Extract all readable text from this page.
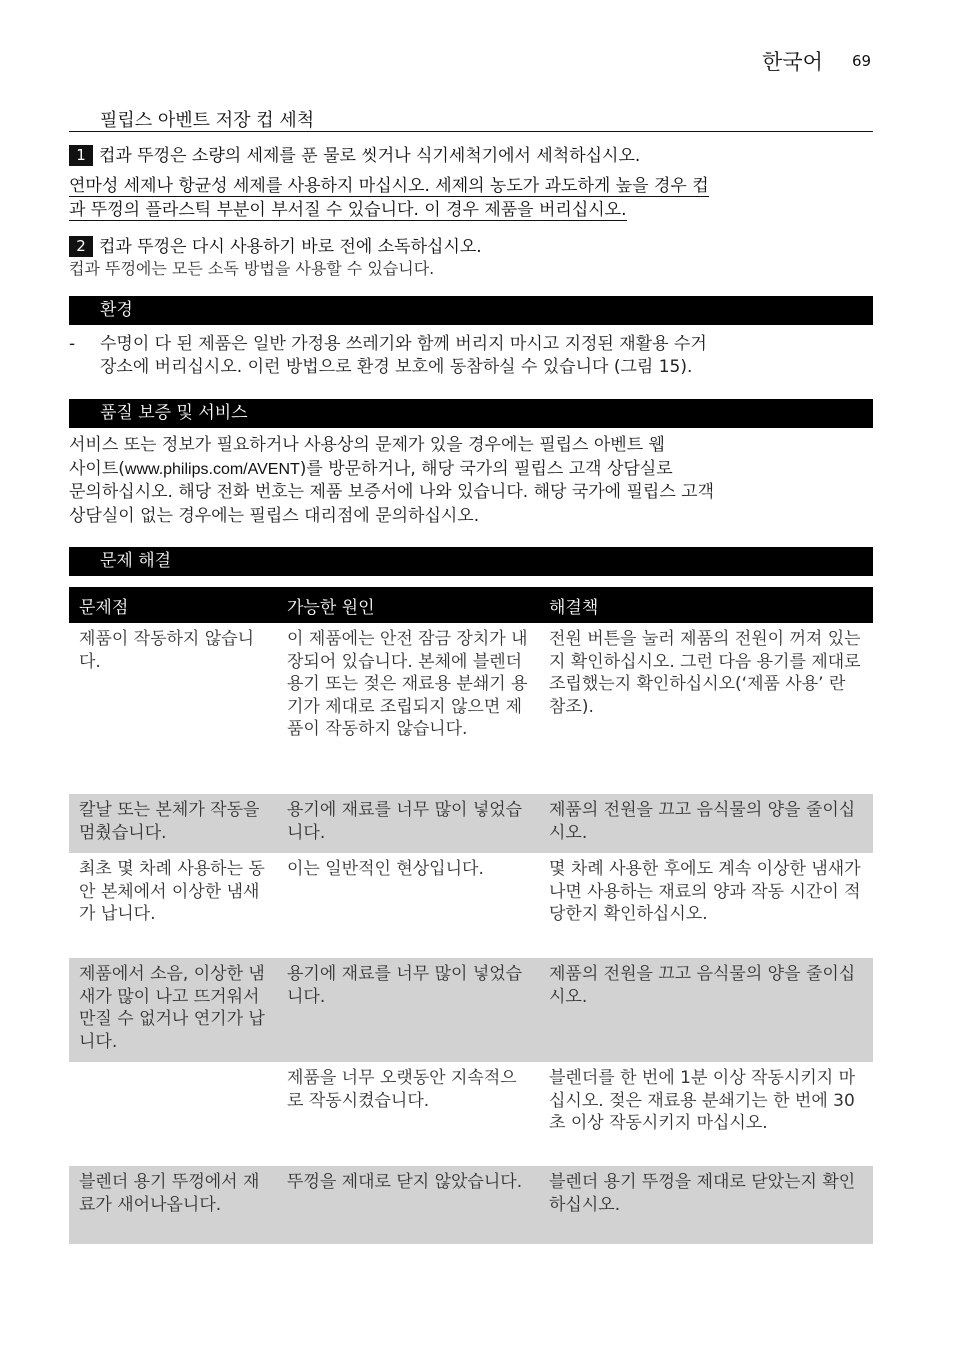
한국어 69
필립스 아벤트 저장 컵 세척
1 컵과 뚜껑은 소량의 세제를 푼 물로 씻거나 식기세척기에서 세척하십시오.
연마성 세제나 항균성 세제를 사용하지 마십시오. 세제의 농도가 과도하게 높을 경우 컵
과 뚜껑의 플라스틱 부분이 부서질 수 있습니다. 이 경우 제품을 버리십시오.
2 컵과 뚜껑은 다시 사용하기 바로 전에 소독하십시오.
컵과 뚜껑에는 모든 소독 방법을 사용할 수 있습니다.
환경
- 수명이 다 된 제품은 일반 가정용 쓰레기와 함께 버리지 마시고 지정된 재활용 수거
장소에 버리십시오. 이런 방법으로 환경 보호에 동참하실 수 있습니다 (그림 15).
품질 보증 및 서비스
서비스 또는 정보가 필요하거나 사용상의 문제가 있을 경우에는 필립스 아벤트 웹
사이트(www.philips.com/AVENT)를 방문하거나, 해당 국가의 필립스 고객 상담실로
문의하십시오. 해당 전화 번호는 제품 보증서에 나와 있습니다. 해당 국가에 필립스 고객
상담실이 없는 경우에는 필립스 대리점에 문의하십시오.
문제 해결
문제점	가능한 원인	해결책
제품이 작동하지 않습니다.	이 제품에는 안전 잠금 장치가 내장되어 있습니다. 본체에 블렌더 용기 또는 젖은 재료용 분쇄기 용기가 제대로 조립되지 않으면 제품이 작동하지 않습니다.	전원 버튼을 눌러 제품의 전원이 꺼져 있는지 확인하십시오. 그런 다음 용기를 제대로 조립했는지 확인하십시오(‘제품 사용’ 란 참조).
칼날 또는 본체가 작동을 멈췄습니다.	용기에 재료를 너무 많이 넣었습니다.	제품의 전원을 끄고 음식물의 양을 줄이십시오.
최초 몇 차례 사용하는 동안 본체에서 이상한 냄새가 납니다.	이는 일반적인 현상입니다.	몇 차례 사용한 후에도 계속 이상한 냄새가 나면 사용하는 재료의 양과 작동 시간이 적당한지 확인하십시오.
제품에서 소음, 이상한 냄새가 많이 나고 뜨거워서 만질 수 없거나 연기가 납니다.	용기에 재료를 너무 많이 넣었습니다.	제품의 전원을 끄고 음식물의 양을 줄이십시오.
	제품을 너무 오랫동안 지속적으로 작동시켰습니다.	블렌더를 한 번에 1분 이상 작동시키지 마십시오. 젖은 재료용 분쇄기는 한 번에 30초 이상 작동시키지 마십시오.
블렌더 용기 뚜껑에서 재료가 새어나옵니다.	뚜껑을 제대로 닫지 않았습니다.	블렌더 용기 뚜껑을 제대로 닫았는지 확인하십시오.
